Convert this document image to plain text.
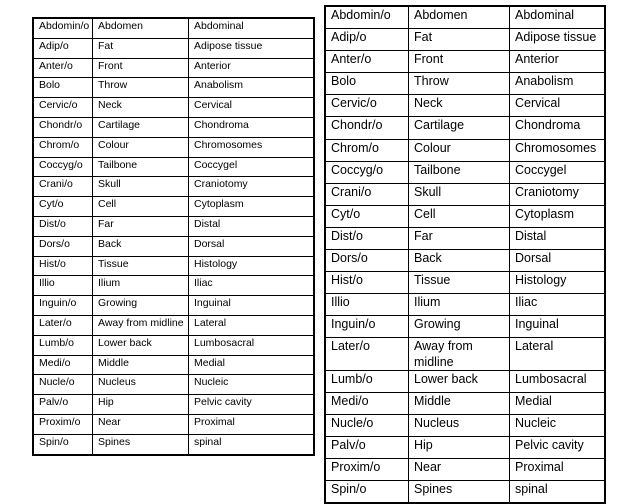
Abdomin/o	Abdomen	Abdominal
Adip/o	Fat	Adipose tissue
Anter/o	Front	Anterior
Bolo	Throw	Anabolism
Cervic/o	Neck	Cervical
Chondr/o	Cartilage	Chondroma
Chrom/o	Colour	Chromosomes
Coccyg/o	Tailbone	Coccygel
Crani/o	Skull	Craniotomy
Cyt/o	Cell	Cytoplasm
Dist/o	Far	Distal
Dors/o	Back	Dorsal
Hist/o	Tissue	Histology
Illio	Ilium	Iliac
Inguin/o	Growing	Inguinal
Later/o	Away from midline	Lateral
Lumb/o	Lower back	Lumbosacral
Medi/o	Middle	Medial
Nucle/o	Nucleus	Nucleic
Palv/o	Hip	Pelvic cavity
Proxim/o	Near	Proximal
Spin/o	Spines	spinal
Abdomin/o	Abdomen	Abdominal
Adip/o	Fat	Adipose tissue
Anter/o	Front	Anterior
Bolo	Throw	Anabolism
Cervic/o	Neck	Cervical
Chondr/o	Cartilage	Chondroma
Chrom/o	Colour	Chromosomes
Coccyg/o	Tailbone	Coccygel
Crani/o	Skull	Craniotomy
Cyt/o	Cell	Cytoplasm
Dist/o	Far	Distal
Dors/o	Back	Dorsal
Hist/o	Tissue	Histology
Illio	Ilium	Iliac
Inguin/o	Growing	Inguinal
Later/o	Away from midline	Lateral
Lumb/o	Lower back	Lumbosacral
Medi/o	Middle	Medial
Nucle/o	Nucleus	Nucleic
Palv/o	Hip	Pelvic cavity
Proxim/o	Near	Proximal
Spin/o	Spines	spinal
